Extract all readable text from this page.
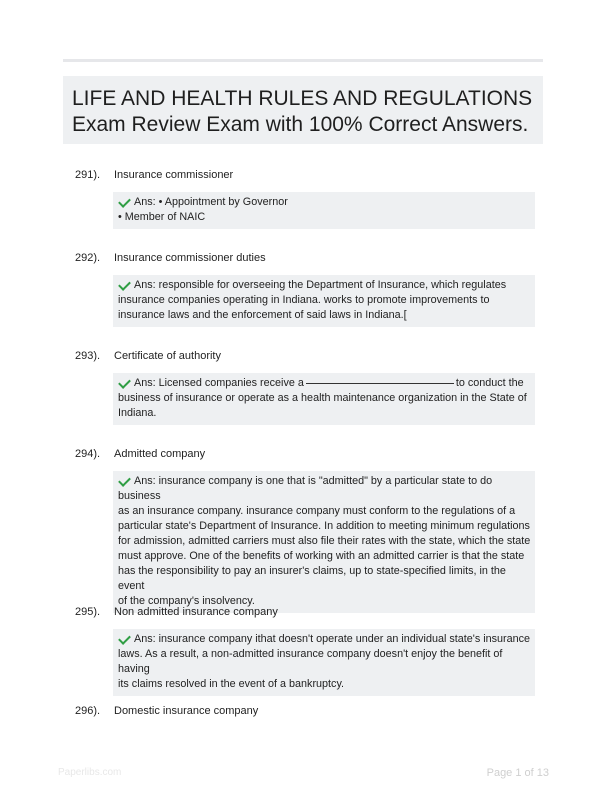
LIFE AND HEALTH RULES AND REGULATIONS
Exam Review Exam with 100% Correct Answers.
291).	Insurance commissioner
Ans: • Appointment by Governor
• Member of NAIC
292).	Insurance commissioner duties
Ans: responsible for overseeing the Department of Insurance, which regulates
insurance companies operating in Indiana. works to promote improvements to
insurance laws and the enforcement of said laws in Indiana.[
293).	Certificate of authority
Ans: Licensed companies receive a	to conduct the
business of insurance or operate as a health maintenance organization in the State of
Indiana.
294).	Admitted company
Ans: insurance company is one that is "admitted" by a particular state to do business
as an insurance company. insurance company must conform to the regulations of a
particular state's Department of Insurance. In addition to meeting minimum regulations
for admission, admitted carriers must also file their rates with the state, which the state
must approve. One of the benefits of working with an admitted carrier is that the state
has the responsibility to pay an insurer's claims, up to state-specified limits, in the event
of the company's insolvency.
295).	Non admitted insurance company
Ans: insurance company ithat doesn't operate under an individual state's insurance
laws. As a result, a non-admitted insurance company doesn't enjoy the benefit of having
its claims resolved in the event of a bankruptcy.
296).	Domestic insurance company
Paperlibs.com	Page 1 of 13
